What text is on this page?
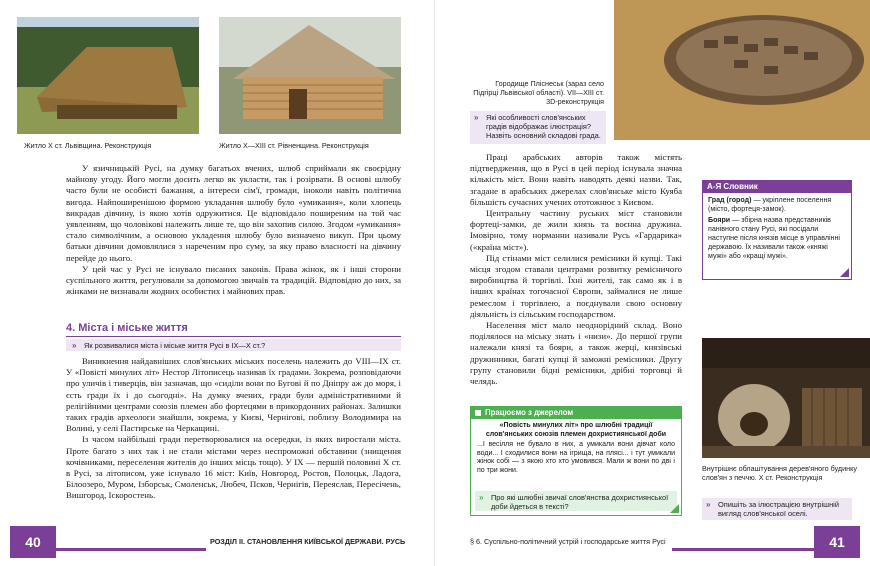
Житло X ст. Львівщина. Реконструкція	Житло X—XIII ст. Рівненщина. Реконструкція

У язичницькій Русі, на думку багатьох вчених, шлюб сприймали як своєрідну майнову угоду. Його могли досить легко як укласти, так і розірвати. В основі шлюбу часто були не особисті бажання, а інтереси сім'ї, громади, іноколи навіть політична вигода. Найпоширенішою формою укладання шлюбу було «умикання», коли хлопець викрадав дівчину, із якою хотів одружитися. Це відповідало поширеним на той час уявленням, що чоловікові належить лише те, що він захопив силою. Згодом «умикання» стало символічним, а основою укладення шлюбу було визначено викуп. При цьому батьки дівчини домовлялися з нареченим про суму, за яку право власності на дівчину перейде до нього.

У цей час у Русі не існувало писаних законів. Права жінок, як і інші сторони суспільного життя, регулювали за допомогою звичаїв та традицій. Відповідно до них, за жінками не визнавали жодних особистих і майнових прав.

4. Міста і міське життя
» Як розвивалися міста і міське життя Русі в IX—X ст.?

Виникнення найдавніших слов'янських міських поселень належить до VIII—IX ст. У «Повісті минулих літ» Нестор Літописець називав їх градами. Зокрема, розповідаючи про уличів і тиверців, він зазначав, що «сиділи вони по Бугові й по Дніпру аж до моря, і єсть гради їх і до сьогодні». На думку вчених, гради були адміністративними й релігійними центрами союзів племен або фортецями в прикордонних районах. Залишки таких градів археологи знайшли, зокрема, у Києві, Чернігові, поблизу Володимира на Волині, у селі Пастирське на Черкащині.

Із часом найбільші гради перетворювалися на осередки, із яких виростали міста. Проте багато з них так і не стали містами через неспроможні обставини (знищення кочівниками, переселення жителів до інших місць тощо). У IX — першій половині X ст. в Русі, за літописом, уже існувало 16 міст: Київ, Новгород, Ростов, Полоцьк, Ладога, Білоозеро, Муром, Ізборськ, Смоленськ, Любеч, Псков, Чернігів, Переяслав, Пересічень, Вишгород, Іскоростень.

40	РОЗДІЛ II. СТАНОВЛЕННЯ КИЇВСЬКОЇ ДЕРЖАВИ. РУСЬ
Городище Пліснеськ (зараз село Підгірці Львівської області). VII—XIII ст. 3D-реконструкція
» Які особливості слов'янських градів відображає ілюстрація? Назвіть основний складові града.

Праці арабських авторів також містять підтвердження, що в Русі в цей період існувала значна кількість міст. Вони навіть наводять деякі назви. Так, згадане в арабських джерелах слов'янське місто Куяба більшість сучасних учених ототожнює з Києвом.

Центральну частину руських міст становили фортеці-замки, де жили князь та воєнна дружина. Імовірно, тому норманни називали Русь «Гардарика» («країна міст»).

Під стінами міст селилися ремісники й купці. Такі місця згодом ставали центрами розвитку ремісничого виробництва й торгівлі. Їхні жителі, так само як і в інших країнах тогочасної Європи, займалися не лише ремеслом і торгівлею, а поєднували свою основну діяльність із сільським господарством.

Населення міст мало неоднорідний склад. Воно поділялося на міську знать і «низи». До першої групи належали князі та бояри, а також жерці, князівські дружинники, багаті купці й заможні ремісники. Другу групу становили бідні ремісники, дрібні торговці й челядь.

А-Я Словник
Град (город) — укріплене поселення (місто, фортеця-замок).
Бояри — збірна назва представників панівного стану Русі, які посідали наступне після князів місце в управлінні державою. Їх називали також «княжі мужі» або «кращі мужі».
Внутрішнє облаштування дерев'яного будинку слов'ян з печчю. X ст. Реконструкція
» Опишіть за ілюстрацією внутрішній вигляд слов'янської оселі.
Працюємо з джерелом
«Повість минулих літ» про шлюбні традиції слов'янських союзів племен дохристиянської доби
...І весілля не бувало в них, а умикали вони дівчат коло води... І сходилися вони на ігрища, на плясі... і тут умикали жінок собі — з якою хто хто умовився. Мали ж вони по дві і по три жони.
» Про які шлюбні звичаї слов'янства дохристиянської доби йдеться в тексті?
§ 6. Суспільно-політичний устрій і господарське життя Русі	41
